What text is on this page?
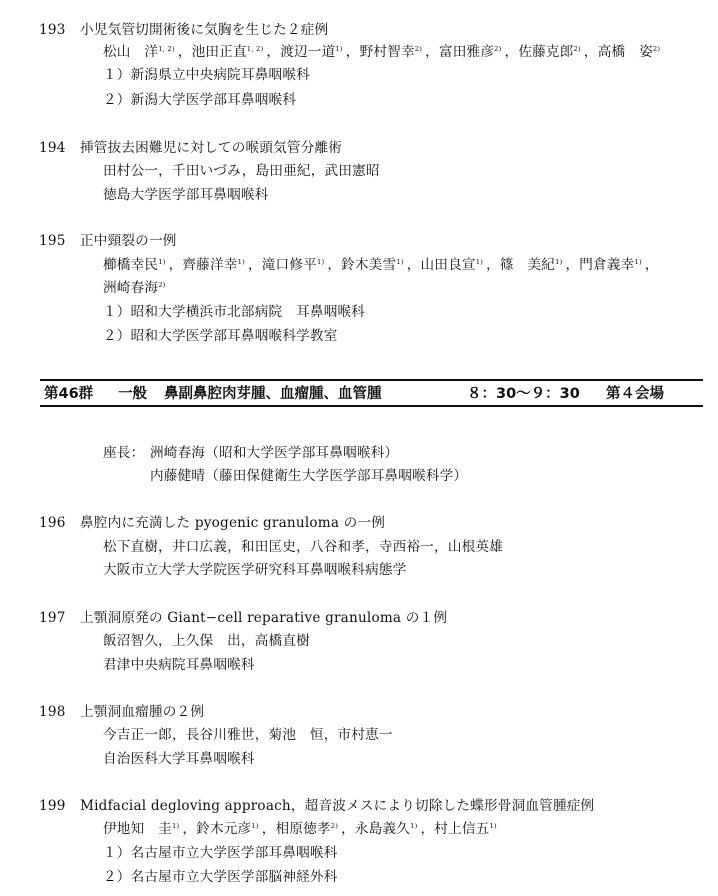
193 小児気管切開術後に気胸を生じた２症例
松山　洋$^{1, 2)}$ ，池田正直$^{1, 2)}$ ，渡辺一道$^{1)}$ ，野村智幸$^{2)}$ ，富田雅彦$^{2)}$ ，佐藤克郎$^{2)}$ ，高橋　姿$^{2)}$
１）新潟県立中央病院耳鼻咽喉科
２）新潟大学医学部耳鼻咽喉科
194 挿管抜去困難児に対しての喉頭気管分離術
田村公一，千田いづみ，島田亜紀，武田憲昭
徳島大学医学部耳鼻咽喉科
195 正中頸裂の一例
櫛橋幸民$^{1)}$ ，齊藤洋幸$^{1)}$ ，滝口修平$^{1)}$ ，鈴木美雪$^{1)}$ ，山田良宣$^{1)}$ ，篠　美紀$^{1)}$ ，門倉義幸$^{1)}$ ，
洲崎春海$^{2)}$
１）昭和大学横浜市北部病院　耳鼻咽喉科
２）昭和大学医学部耳鼻咽喉科学教室
第46群 一般 鼻副鼻腔肉芽腫、血瘤腫、血管腫	８：30〜９：30 第４会場
座長： 洲崎春海（昭和大学医学部耳鼻咽喉科）
内藤健晴（藤田保健衛生大学医学部耳鼻咽喉科学）
196 鼻腔内に充満した pyogenic granuloma の一例
松下直樹，井口広義，和田匡史，八谷和孝，寺西裕一，山根英雄
大阪市立大学大学院医学研究科耳鼻咽喉科病態学
197 上顎洞原発の Giant−cell reparative granuloma の１例
飯沼智久，上久保　出，高橋直樹
君津中央病院耳鼻咽喉科
198 上顎洞血瘤腫の２例
今吉正一郎，長谷川雅世，菊池　恒，市村恵一
自治医科大学耳鼻咽喉科
199 Midfacial degloving approach，超音波メスにより切除した蝶形骨洞血管腫症例
伊地知　圭$^{1)}$ ，鈴木元彦$^{1)}$ ，相原徳孝$^{2)}$ ，永島義久$^{1)}$ ，村上信五$^{1)}$
１）名古屋市立大学医学部耳鼻咽喉科
２）名古屋市立大学医学部脳神経外科
